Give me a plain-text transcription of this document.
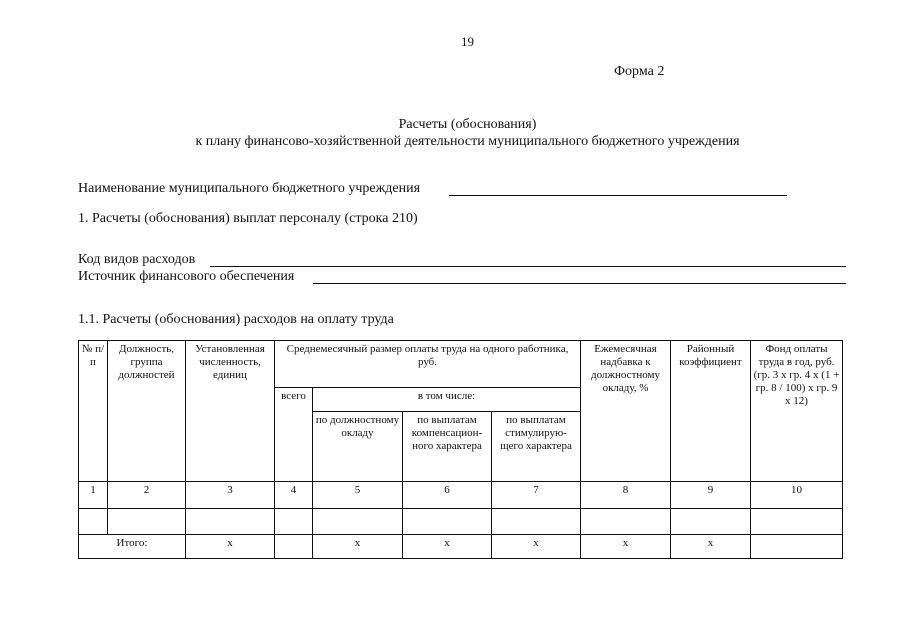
19
Форма 2
Расчеты (обоснования)
к плану финансово-хозяйственной деятельности муниципального бюджетного учреждения
Наименование муниципального бюджетного учреждения
1. Расчеты (обоснования) выплат персоналу (строка 210)
Код видов расходов
Источник финансового обеспечения
1.1. Расчеты (обоснования) расходов на оплату труда
№ п/п	Должность, группа должностей	Установленная численность, единиц	Среднемесячный размер оплаты труда на одного работника, руб.				Ежемесячная надбавка к должностному окладу, %	Районный коэффициент	Фонд оплаты труда в год, руб. (гр. 3 х гр. 4 х (1 + гр. 8 / 100) х гр. 9 х 12)
			всего	в том числе:					
				по должностному окладу	по выплатам компенсацион-ного характера	по выплатам стимулирую-щего характера			
1	2	3	4	5	6	7	8	9	10

Итого:		х		х	х	х	х	х	
